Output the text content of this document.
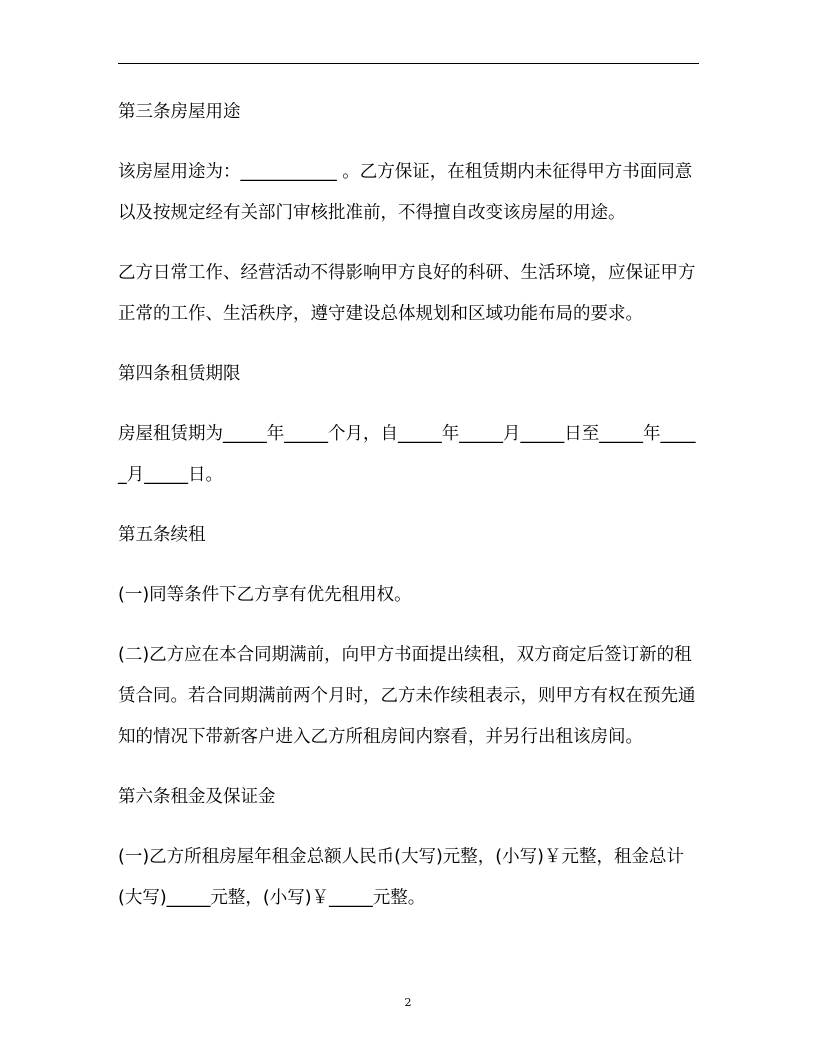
第三条房屋用途

该房屋用途为：___________ 。乙方保证，在租赁期内未征得甲方书面同意以及按规定经有关部门审核批准前，不得擅自改变该房屋的用途。

乙方日常工作、经营活动不得影响甲方良好的科研、生活环境，应保证甲方正常的工作、生活秩序，遵守建设总体规划和区域功能布局的要求。

第四条租赁期限

房屋租赁期为_____年_____个月，自_____年_____月_____日至_____年_____月_____日。

第五条续租

(一)同等条件下乙方享有优先租用权。

(二)乙方应在本合同期满前，向甲方书面提出续租，双方商定后签订新的租赁合同。若合同期满前两个月时，乙方未作续租表示，则甲方有权在预先通知的情况下带新客户进入乙方所租房间内察看，并另行出租该房间。

第六条租金及保证金

(一)乙方所租房屋年租金总额人民币(大写)元整，(小写)￥元整，租金总计(大写)_____元整，(小写)￥_____元整。

2
